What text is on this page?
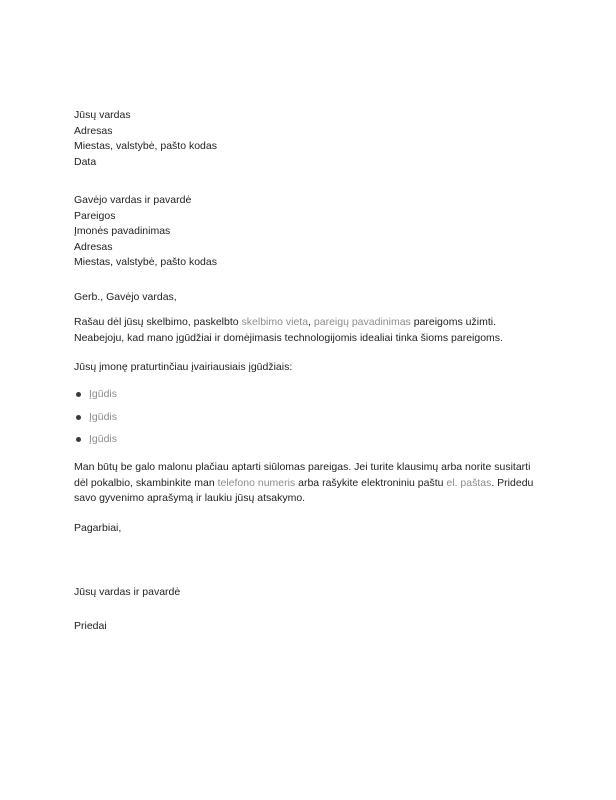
Jūsų vardas
Adresas
Miestas, valstybė, pašto kodas
Data
Gavėjo vardas ir pavardė
Pareigos
Įmonės pavadinimas
Adresas
Miestas, valstybė, pašto kodas
Gerb., Gavėjo vardas,
Rašau dėl jūsų skelbimo, paskelbto skelbimo vieta, pareigų pavadinimas pareigoms užimti. Neabejoju, kad mano įgūdžiai ir domėjimasis technologijomis idealiai tinka šioms pareigoms.
Jūsų įmonę praturtinčiau įvairiausiais įgūdžiais:
Įgūdis
Įgūdis
Įgūdis
Man būtų be galo malonu plačiau aptarti siūlomas pareigas. Jei turite klausimų arba norite susitarti dėl pokalbio, skambinkite man telefono numeris arba rašykite elektroniniu paštu el. paštas. Pridedu savo gyvenimo aprašymą ir laukiu jūsų atsakymo.
Pagarbiai,
Jūsų vardas ir pavardė
Priedai
